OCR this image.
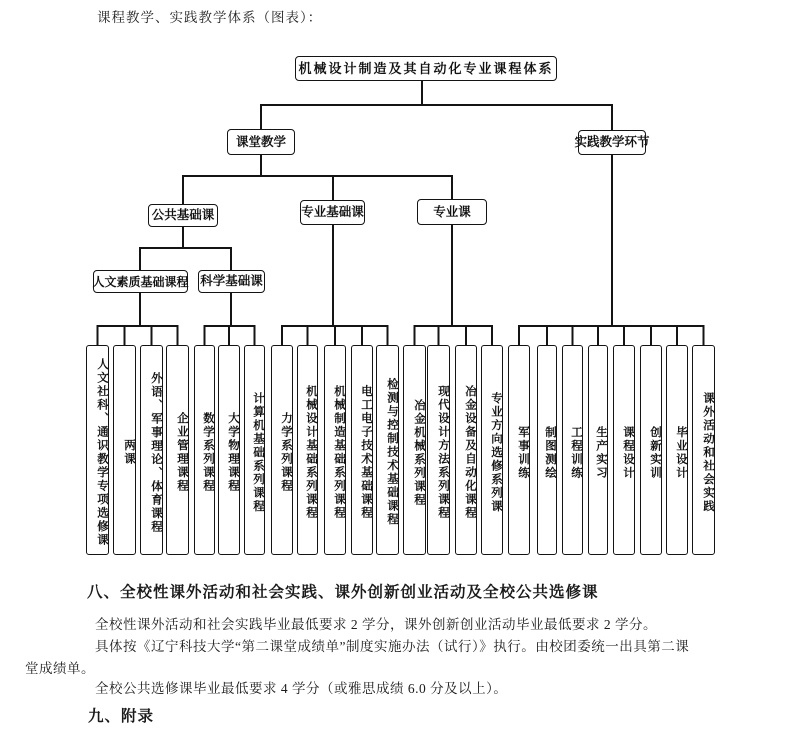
课程教学、实践教学体系（图表）：

机械设计制造及其自动化专业课程体系
课堂教学	实践教学环节
公共基础课	专业基础课	专业课
人文素质基础课程 科学基础课
人文社科、通识教学专项选修课	两课	外语、军事理论、体育课程	企业管理课程	数学系列课程	大学物理课程	计算机基础系列课程	力学系列课程	机械设计基础系列课程	机械制造基础系列课程	电工电子技术基础课程	检测与控制技术基础课程	冶金机械系列课程	现代设计方法系列课程	冶金设备及自动化课程	专业方向选修系列课	军事训练	制图测绘	工程训练	生产实习	课程设计	创新实训	毕业设计	课外活动和社会实践
八、全校性课外活动和社会实践、课外创新创业活动及全校公共选修课

全校性课外活动和社会实践毕业最低要求 2 学分，课外创新创业活动毕业最低要求 2 学分。

具体按《辽宁科技大学“第二课堂成绩单”制度实施办法（试行）》执行。由校团委统一出具第二课

堂成绩单。

全校公共选修课毕业最低要求 4 学分（或雅思成绩 6.0 分及以上）。

九、附录
